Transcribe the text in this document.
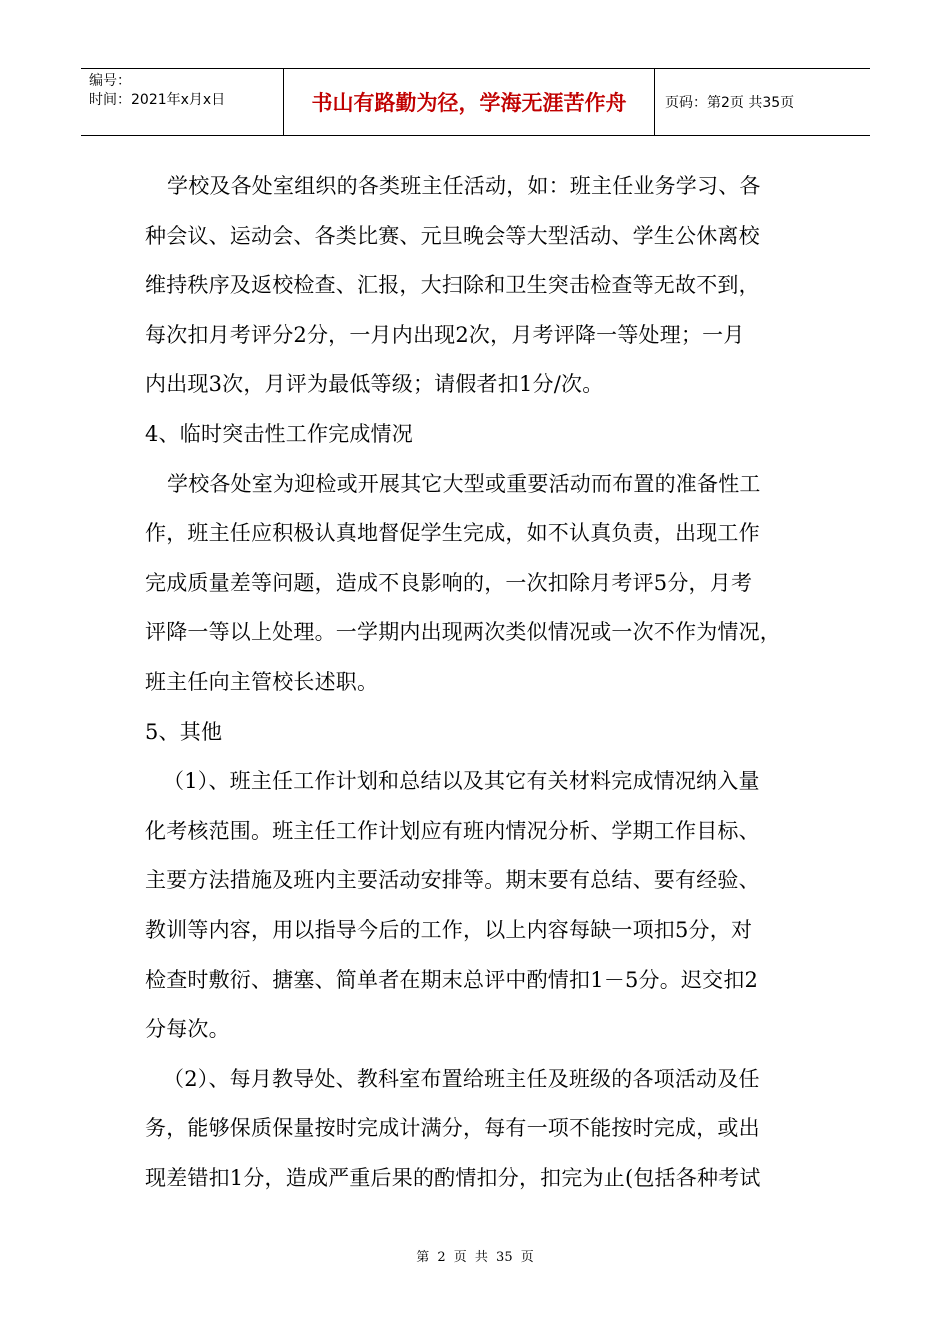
编号：
时间：2021年x月x日	书山有路勤为径，学海无涯苦作舟	页码：第2页 共35页
学校及各处室组织的各类班主任活动，如：班主任业务学习、各
种会议、运动会、各类比赛、元旦晚会等大型活动、学生公休离校
维持秩序及返校检查、汇报，大扫除和卫生突击检查等无故不到，
每次扣月考评分2分，一月内出现2次，月考评降一等处理；一月
内出现3次，月评为最低等级；请假者扣1分/次。
4、临时突击性工作完成情况
学校各处室为迎检或开展其它大型或重要活动而布置的准备性工
作，班主任应积极认真地督促学生完成，如不认真负责，出现工作
完成质量差等问题，造成不良影响的，一次扣除月考评5分，月考
评降一等以上处理。一学期内出现两次类似情况或一次不作为情况，
班主任向主管校长述职。
5、其他
（1）、班主任工作计划和总结以及其它有关材料完成情况纳入量
化考核范围。班主任工作计划应有班内情况分析、学期工作目标、
主要方法措施及班内主要活动安排等。期末要有总结、要有经验、
教训等内容，用以指导今后的工作，以上内容每缺一项扣5分，对
检查时敷衍、搪塞、简单者在期末总评中酌情扣1－5分。迟交扣2
分每次。
（2）、每月教导处、教科室布置给班主任及班级的各项活动及任
务，能够保质保量按时完成计满分，每有一项不能按时完成，或出
现差错扣1分，造成严重后果的酌情扣分，扣完为止(包括各种考试
第 2 页 共 35 页
